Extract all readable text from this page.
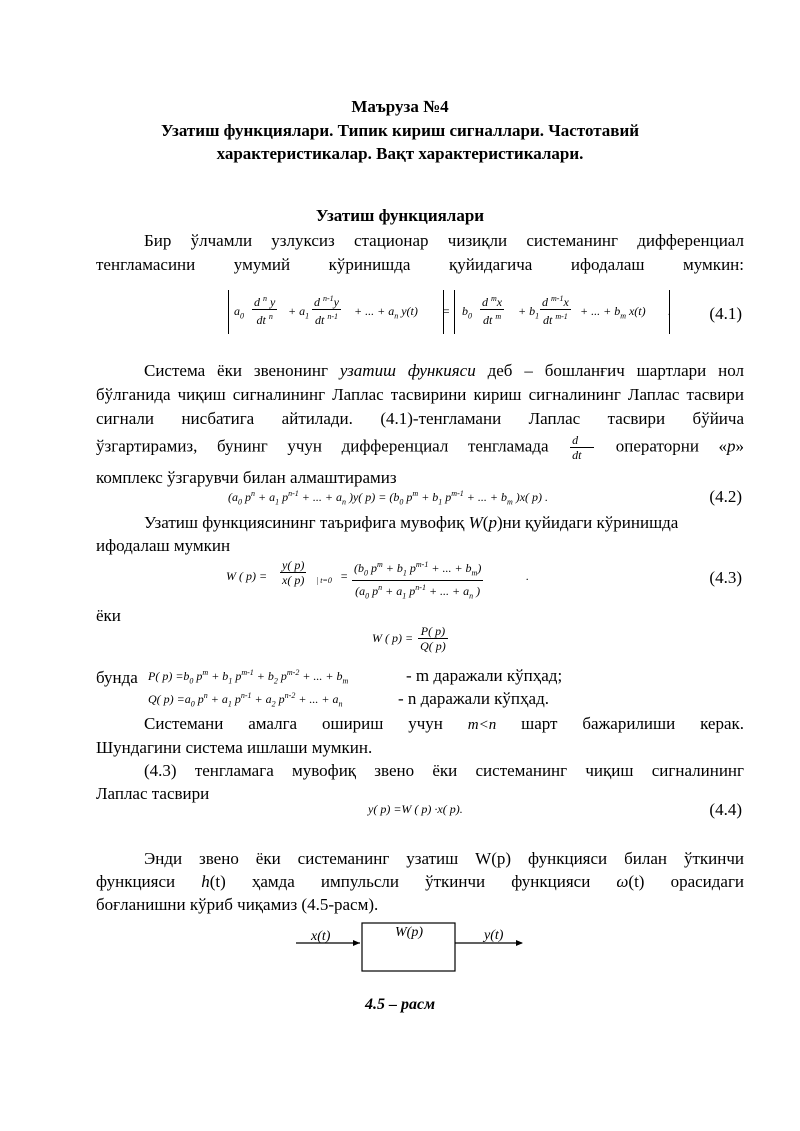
Маъруза №4
Узатиш функциялари. Типик кириш сигналлари. Частотавий
характеристикалар. Вақт характеристикалари.
Узатиш функциялари
Бир ўлчамли узлуксиз стационар чизиқли системанинг дифференциал тенгламасини умумий кўринишда қуйидагича ифодалаш мумкин:
$a_0 \frac{d ^n y}{dt ^n} + a_1 \frac{d ^{n-1}y}{dt ^{n-1}}$ + ... + $a_n$ $y(t) = b_0 \frac{d ^mx}{dt ^m} + b_1 \frac{d ^{m-1}x}{dt ^{m-1}}$ + ... + $b_m$ x(t) . (4.1)
Система ёки звенонинг узатиш функияси деб – бошланғич шартлари нол бўлганида чиқиш сигналининг Лаплас тасвирини кириш сигналининг Лаплас тасвири сигнали нисбатига айтилади. (4.1)-тенгламани Лаплас тасвири бўйича
ўзгартирамиз, бунинг учун дифференциал тенгламада $\frac{d}{dt}$ операторни «p»
комплекс ўзгарувчи билан алмаштирамиз
($a_0$ $p^n + a_1$ $p^{n-1}$ + ... + $a_n$ )y( $p) = (b_0$ $p^m + b_1$ $p^{m-1}$ + ... + $b_m$ )x( p) .	(4.2)
Узатиш функциясининг таърифига мувофиқ W(p)ни қуйидаги кўринишда
ифодалаш мумкин
W ( $p) = \frac{y( p)}{x( p)}$ | $t=0 = \frac{(b_0 p^m + b_1 p^{m-1} + ... + b_m)}{(a_0 p^n + a_1 p^{n-1} + ... + a_n )}$	.	(4.3)
ёки
W ( $p) = \frac{P( p)}{Q( p)}$
бунда P( $p) =b_0$ $p^m + b_1$ $p^{m-1} + b_2$ $p^{m-2}$ + ... + $b_m$	- m даражали кўпҳад;
Q( $p) =a_0$ $p^n + a_1$ $p^{n-1} + a_2$ $p^{n-2}$ + ... + $a_n$	- n даражали кўпҳад.
Системани амалга ошириш учун m<n шарт бажарилиши керак.
Шундагини система ишлаши мумкин.
(4.3) тенгламага мувофиқ звено ёки системанинг чиқиш сигналининг
Лаплас тасвири
y( p) =W ( p) ·x( p).	(4.4)
Энди звено ёки системанинг узатиш W(p) функцияси билан ўткинчи
функцияси h(t) ҳамда импульсли ўткинчи функцияси ω(t) орасидаги
боғланишни кўриб чиқамиз (4.5-расм).
x(t)	W(p)	y(t)
4.5 – расм
